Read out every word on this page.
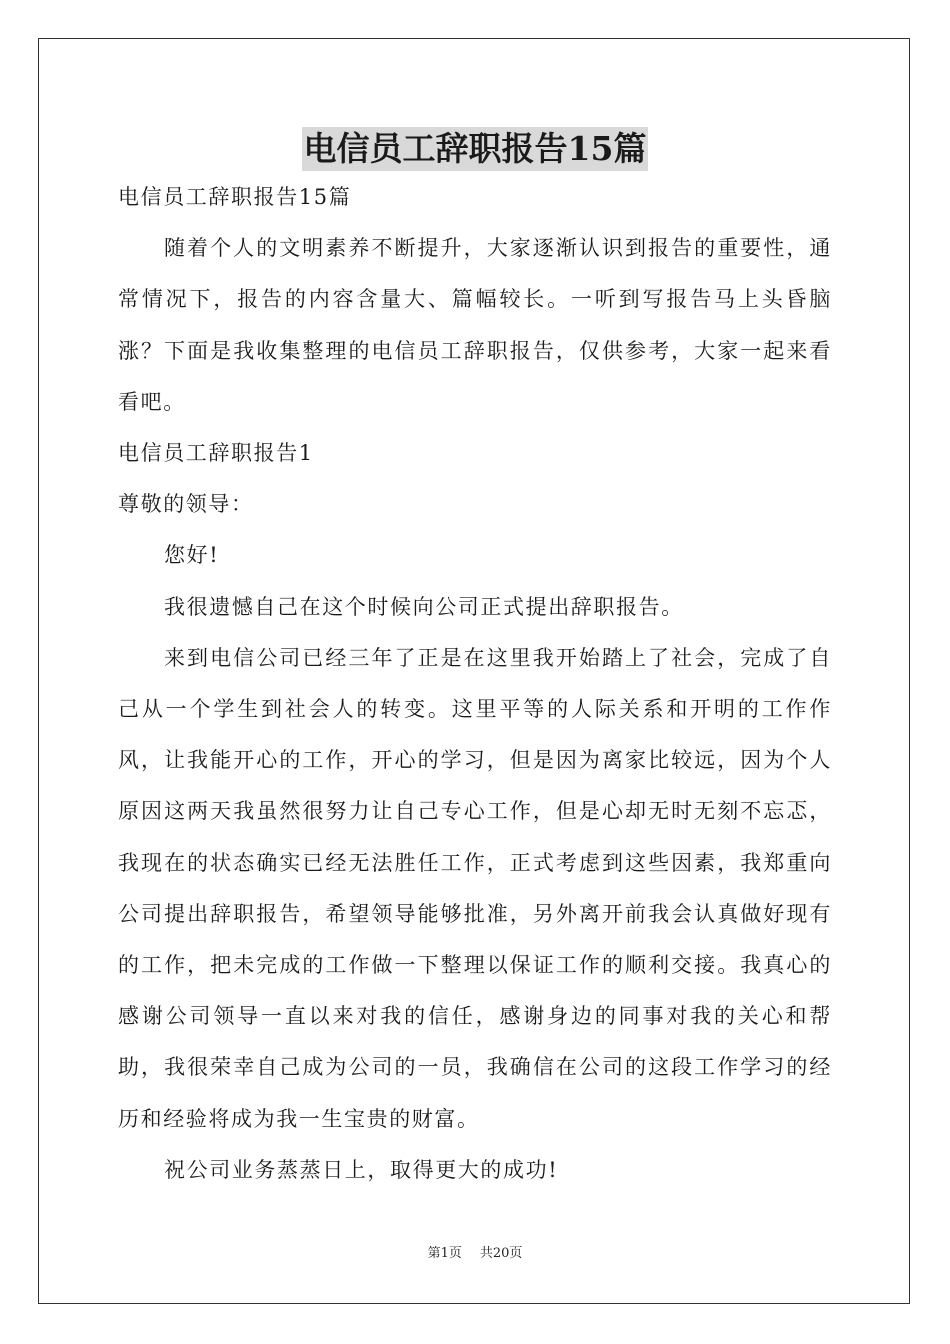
电信员工辞职报告15篇

电信员工辞职报告15篇

随着个人的文明素养不断提升，大家逐渐认识到报告的重要性，通常情况下，报告的内容含量大、篇幅较长。一听到写报告马上头昏脑涨？下面是我收集整理的电信员工辞职报告，仅供参考，大家一起来看看吧。

电信员工辞职报告1

尊敬的领导：

您好!

我很遗憾自己在这个时候向公司正式提出辞职报告。

来到电信公司已经三年了正是在这里我开始踏上了社会，完成了自己从一个学生到社会人的转变。这里平等的人际关系和开明的工作作风，让我能开心的工作，开心的学习，但是因为离家比较远，因为个人原因这两天我虽然很努力让自己专心工作，但是心却无时无刻不忘忑，我现在的状态确实已经无法胜任工作，正式考虑到这些因素，我郑重向公司提出辞职报告，希望领导能够批准，另外离开前我会认真做好现有的工作，把未完成的工作做一下整理以保证工作的顺利交接。我真心的感谢公司领导一直以来对我的信任，感谢身边的同事对我的关心和帮助，我很荣幸自己成为公司的一员，我确信在公司的这段工作学习的经历和经验将成为我一生宝贵的财富。

祝公司业务蒸蒸日上，取得更大的成功!

第1页 共20页
